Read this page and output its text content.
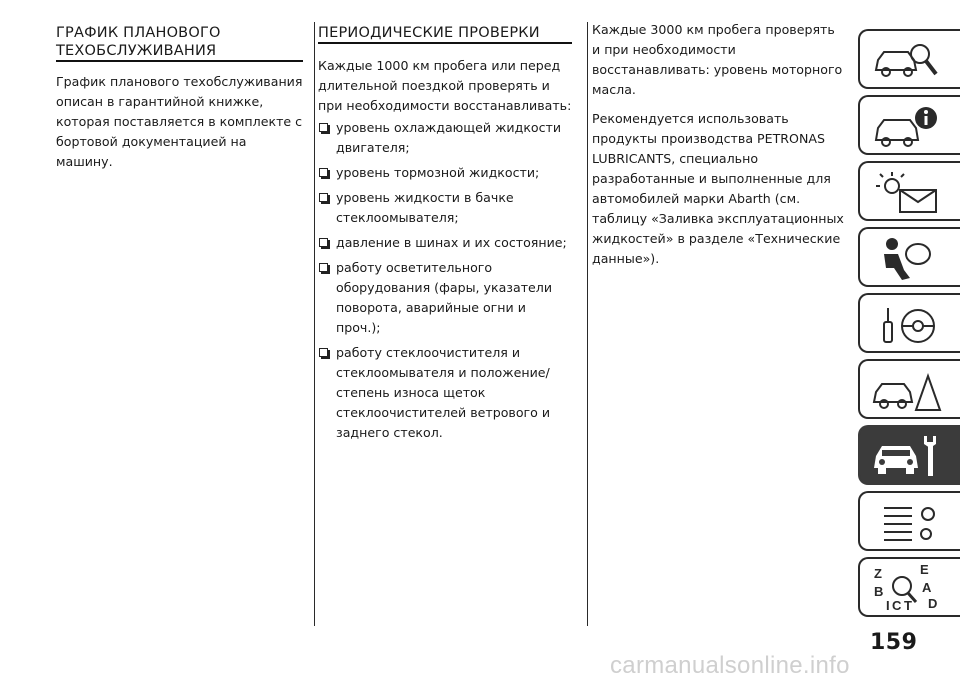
ГРАФИК ПЛАНОВОГО
ТЕХОБСЛУЖИВАНИЯ

График планового техобслуживания описан в гарантийной книжке, которая поставляется в комплекте с бортовой документацией на машину.

ПЕРИОДИЧЕСКИЕ ПРОВЕРКИ

Каждые 1000 км пробега или перед длительной поездкой проверять и при необходимости восстанавливать:

уровень охлаждающей жидкости двигателя;
уровень тормозной жидкости;
уровень жидкости в бачке стеклоомывателя;
давление в шинах и их состояние;
работу осветительного оборудования (фары, указатели поворота, аварийные огни и проч.);
работу стеклоочистителя и стеклоомывателя и положение/ степень износа щеток стеклоочистителей ветрового и заднего стекол.

Каждые 3000 км пробега проверять и при необходимости восстанавливать: уровень моторного масла.

Рекомендуется использовать продукты производства PETRONAS LUBRICANTS, специально разработанные и выполненные для автомобилей марки Abarth (см. таблицу «Заливка эксплуатационных жидкостей» в разделе «Технические данные»).

Z	E
B	A
C T D
I
159
carmanualsonline.info
